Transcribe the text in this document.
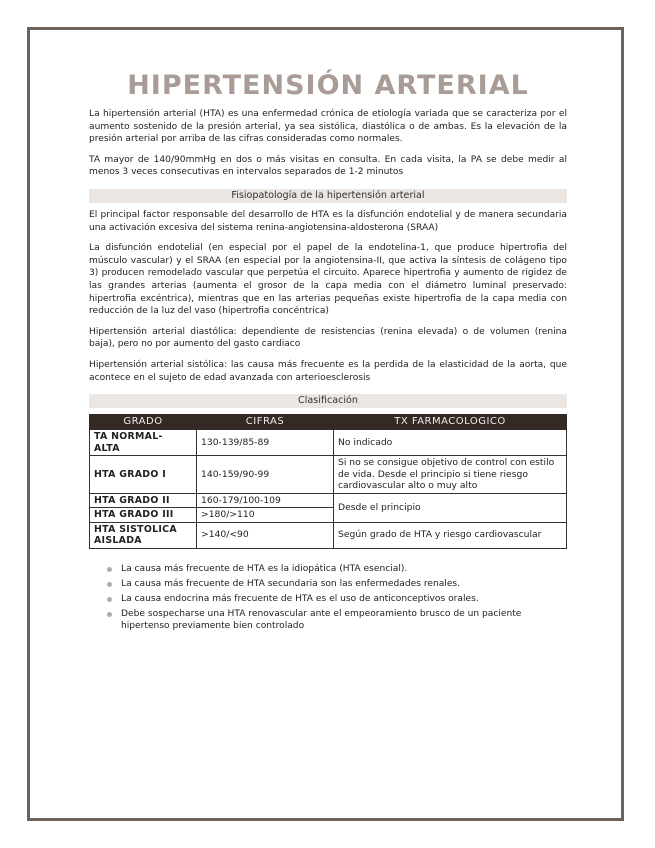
HIPERTENSIÓN ARTERIAL

La hipertensión arterial (HTA) es una enfermedad crónica de etiología variada que se caracteriza por el aumento sostenido de la presión arterial, ya sea sistólica, diastólica o de ambas. Es la elevación de la presión arterial por arriba de las cifras consideradas como normales.

TA mayor de 140/90mmHg en dos o más visitas en consulta. En cada visita, la PA se debe medir al menos 3 veces consecutivas en intervalos separados de 1-2 minutos

Fisiopatología de la hipertensión arterial

El principal factor responsable del desarrollo de HTA es la disfunción endotelial y de manera secundaria una activación excesiva del sistema renina-angiotensina-aldosterona (SRAA)

La disfunción endotelial (en especial por el papel de la endotelina-1, que produce hipertrofia del músculo vascular) y el SRAA (en especial por la angiotensina-II, que activa la síntesis de colágeno tipo 3) producen remodelado vascular que perpetúa el circuito. Aparece hipertrofia y aumento de rigidez de las grandes arterias (aumenta el grosor de la capa media con el diámetro luminal preservado: hipertrofia excéntrica), mientras que en las arterias pequeñas existe hipertrofia de la capa media con reducción de la luz del vaso (hipertrofia concéntrica)

Hipertensión arterial diastólica: dependiente de resistencias (renina elevada) o de volumen (renina baja), pero no por aumento del gasto cardiaco

Hipertensión arterial sistólica: las causa más frecuente es la perdida de la elasticidad de la aorta, que acontece en el sujeto de edad avanzada con arterioesclerosis

Clasificación
GRADO	CIFRAS	TX FARMACOLOGICO
TA NORMAL- ALTA	130-139/85-89	No indicado
HTA GRADO I	140-159/90-99	Si no se consigue objetivo de control con estilo de vida. Desde el principio si tiene riesgo cardiovascular alto o muy alto
HTA GRADO II	160-179/100-109	Desde el principio
HTA GRADO III	>180/>110	
HTA SISTOLICA AISLADA	>140/<90	Según grado de HTA y riesgo cardiovascular
La causa más frecuente de HTA es la idiopática (HTA esencial).
La causa más frecuente de HTA secundaria son las enfermedades renales.
La causa endocrina más frecuente de HTA es el uso de anticonceptivos orales.
Debe sospecharse una HTA renovascular ante el empeoramiento brusco de un paciente hipertenso previamente bien controlado
